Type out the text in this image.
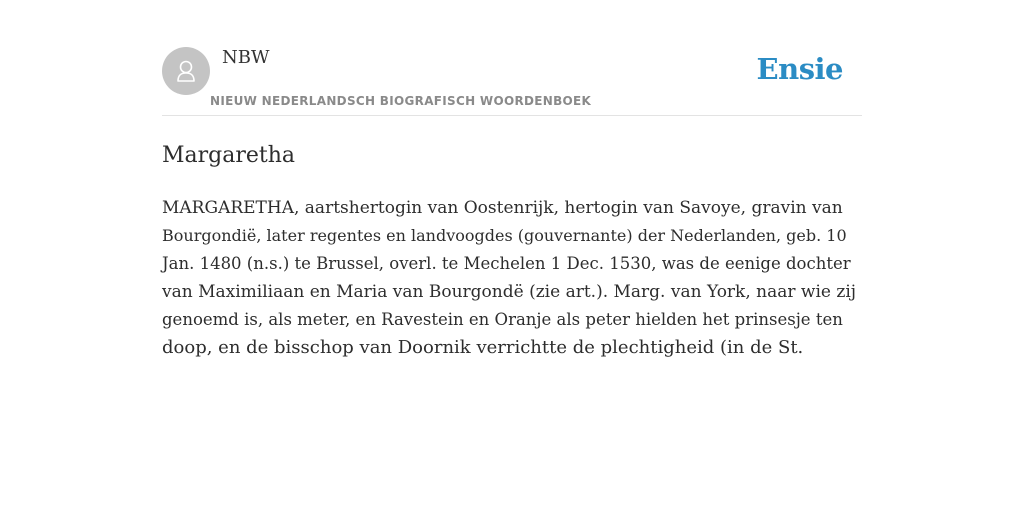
NBW
NIEUW NEDERLANDSCH BIOGRAFISCH WOORDENBOEK
Ensie
Margaretha
MARGARETHA, aartshertogin van Oostenrijk, hertogin van Savoye, gravin van
Bourgondië, later regentes en landvoogdes (gouvernante) der Nederlanden, geb. 10
Jan. 1480 (n.s.) te Brussel, overl. te Mechelen 1 Dec. 1530, was de eenige dochter
van Maximiliaan en Maria van Bourgondë (zie art.). Marg. van York, naar wie zij
genoemd is, als meter, en Ravestein en Oranje als peter hielden het prinsesje ten
doop, en de bisschop van Doornik verrichtte de plechtigheid (in de St.
